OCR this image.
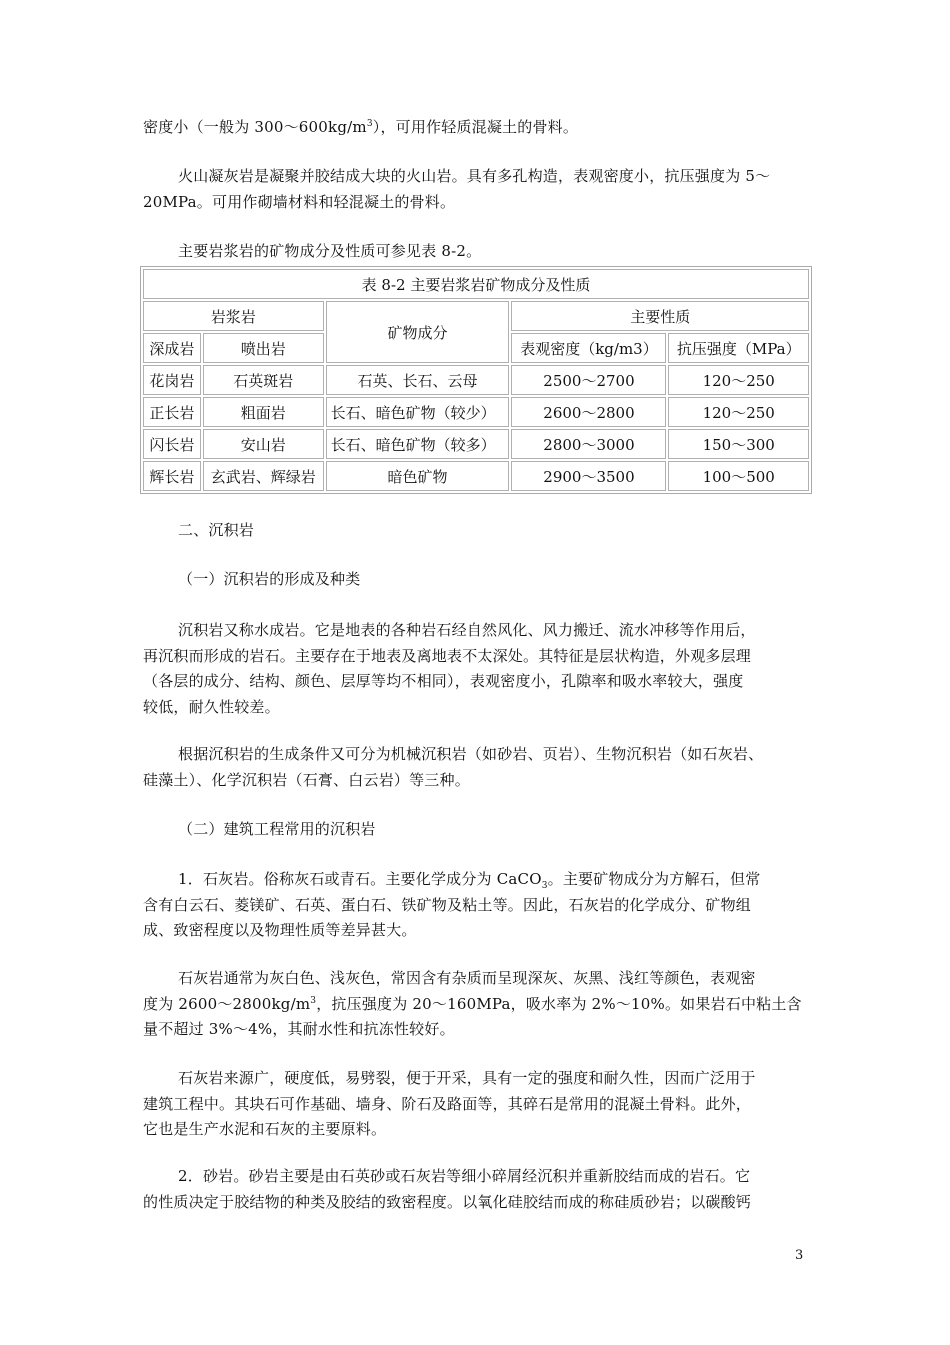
密度小（一般为 $300\sim 600kg/m^3$），可用作轻质混凝土的骨料。

火山凝灰岩是凝聚并胶结成大块的火山岩。具有多孔构造，表观密度小，抗压强度为 5～
20MPa。可用作砌墙材料和轻混凝土的骨料。

主要岩浆岩的矿物成分及性质可参见表 8-2。

表 8-2 主要岩浆岩矿物成分及性质				
岩浆岩		矿物成分	主要性质	
深成岩	喷出岩		表观密度（kg/m3）	抗压强度（MPa）
花岗岩	石英斑岩	石英、长石、云母	2500～2700	120～250
正长岩	粗面岩	长石、暗色矿物（较少）	2600～2800	120～250
闪长岩	安山岩	长石、暗色矿物（较多）	2800～3000	150～300
辉长岩	玄武岩、辉绿岩	暗色矿物	2900～3500	100～500

二、沉积岩

（一）沉积岩的形成及种类

沉积岩又称水成岩。它是地表的各种岩石经自然风化、风力搬迁、流水冲移等作用后，
再沉积而形成的岩石。主要存在于地表及离地表不太深处。其特征是层状构造，外观多层理
（各层的成分、结构、颜色、层厚等均不相同），表观密度小，孔隙率和吸水率较大，强度
较低，耐久性较差。

根据沉积岩的生成条件又可分为机械沉积岩（如砂岩、页岩）、生物沉积岩（如石灰岩、
硅藻土）、化学沉积岩（石膏、白云岩）等三种。

（二）建筑工程常用的沉积岩

1．石灰岩。俗称灰石或青石。主要化学成分为 CaCO$_3$。主要矿物成分为方解石，但常
含有白云石、菱镁矿、石英、蛋白石、铁矿物及粘土等。因此，石灰岩的化学成分、矿物组
成、致密程度以及物理性质等差异甚大。

石灰岩通常为灰白色、浅灰色，常因含有杂质而呈现深灰、灰黑、浅红等颜色，表观密
度为 $2600\sim 2800kg/m^3$，抗压强度为 20～160MPa，吸水率为 2%～10%。如果岩石中粘土含
量不超过 3%～4%，其耐水性和抗冻性较好。

石灰岩来源广，硬度低，易劈裂，便于开采，具有一定的强度和耐久性，因而广泛用于
建筑工程中。其块石可作基础、墙身、阶石及路面等，其碎石是常用的混凝土骨料。此外，
它也是生产水泥和石灰的主要原料。

2．砂岩。砂岩主要是由石英砂或石灰岩等细小碎屑经沉积并重新胶结而成的岩石。它
的性质决定于胶结物的种类及胶结的致密程度。以氧化硅胶结而成的称硅质砂岩；以碳酸钙

3
